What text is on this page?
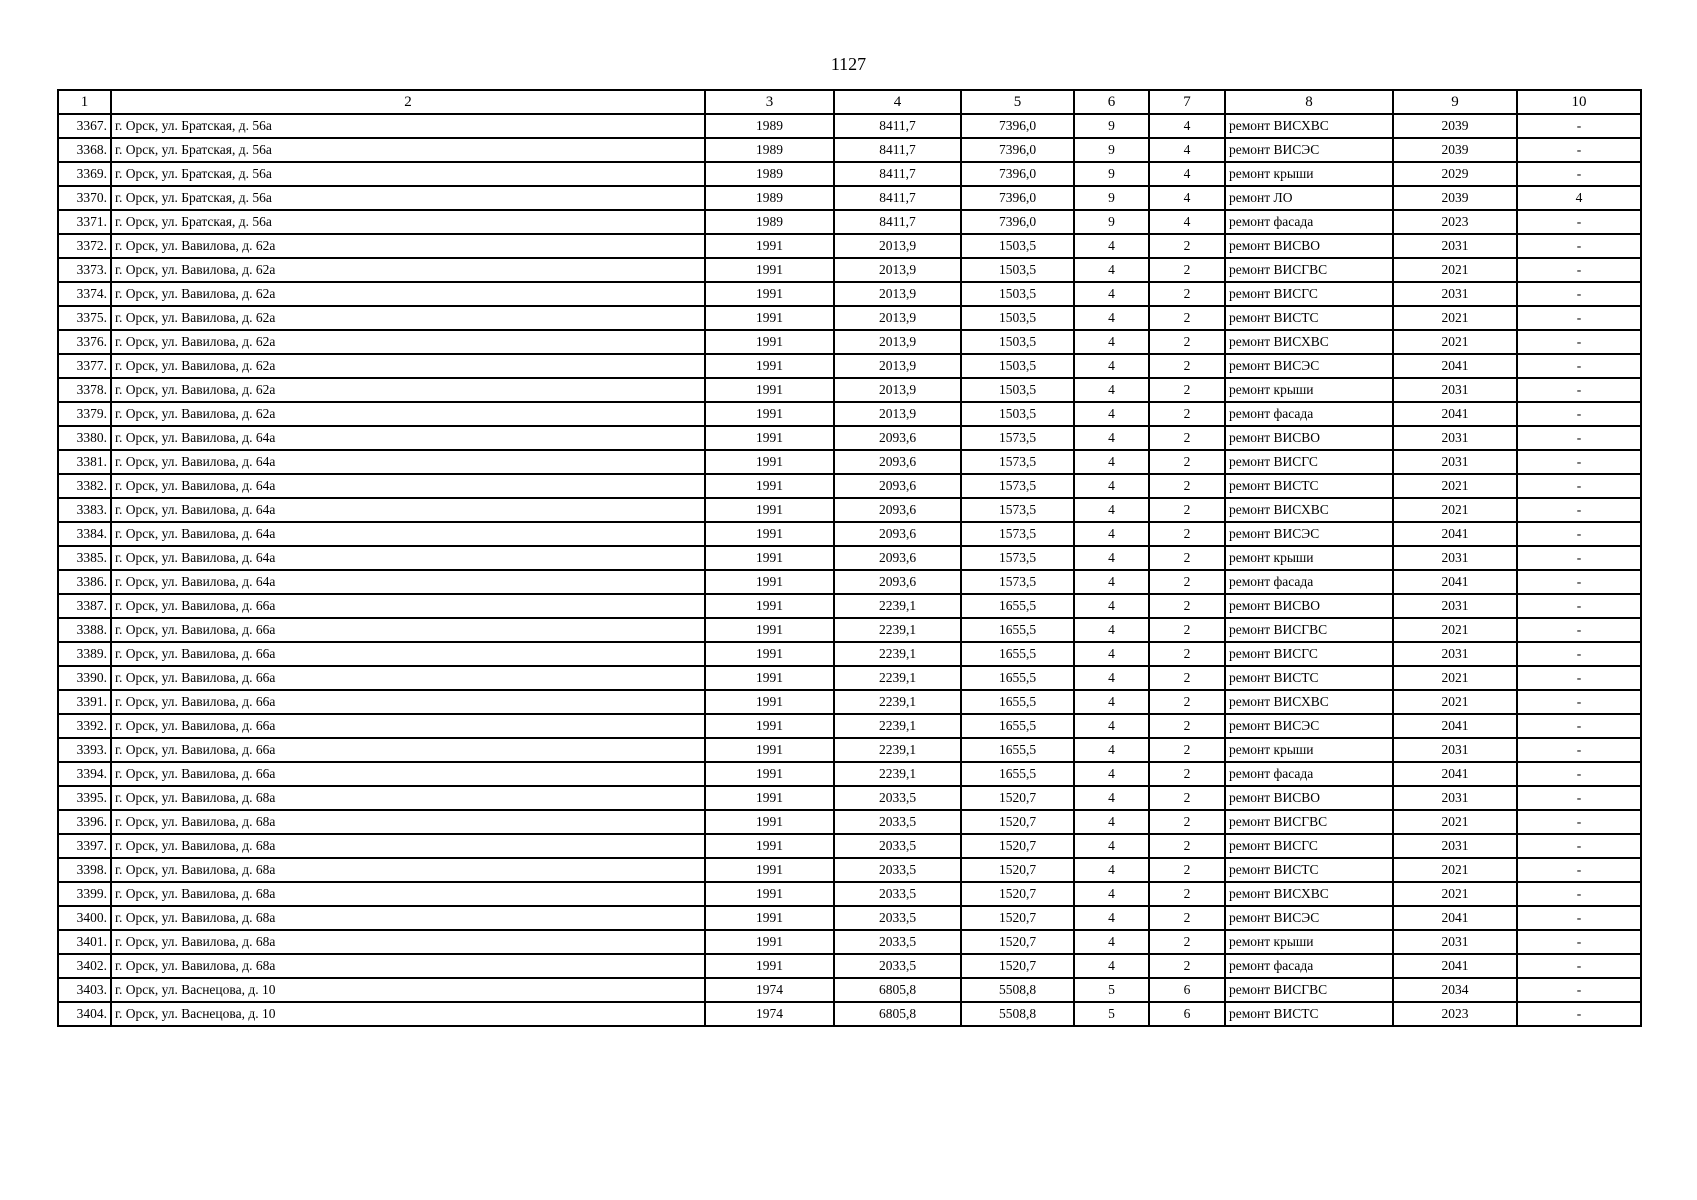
1127
1	2	3	4	5	6	7	8	9	10
3367.	г. Орск, ул. Братская, д. 56а	1989	8411,7	7396,0	9	4	ремонт ВИСХВС	2039	-
3368.	г. Орск, ул. Братская, д. 56а	1989	8411,7	7396,0	9	4	ремонт ВИСЭС	2039	-
3369.	г. Орск, ул. Братская, д. 56а	1989	8411,7	7396,0	9	4	ремонт крыши	2029	-
3370.	г. Орск, ул. Братская, д. 56а	1989	8411,7	7396,0	9	4	ремонт ЛО	2039	4
3371.	г. Орск, ул. Братская, д. 56а	1989	8411,7	7396,0	9	4	ремонт фасада	2023	-
3372.	г. Орск, ул. Вавилова, д. 62а	1991	2013,9	1503,5	4	2	ремонт ВИСВО	2031	-
3373.	г. Орск, ул. Вавилова, д. 62а	1991	2013,9	1503,5	4	2	ремонт ВИСГВС	2021	-
3374.	г. Орск, ул. Вавилова, д. 62а	1991	2013,9	1503,5	4	2	ремонт ВИСГС	2031	-
3375.	г. Орск, ул. Вавилова, д. 62а	1991	2013,9	1503,5	4	2	ремонт ВИСТС	2021	-
3376.	г. Орск, ул. Вавилова, д. 62а	1991	2013,9	1503,5	4	2	ремонт ВИСХВС	2021	-
3377.	г. Орск, ул. Вавилова, д. 62а	1991	2013,9	1503,5	4	2	ремонт ВИСЭС	2041	-
3378.	г. Орск, ул. Вавилова, д. 62а	1991	2013,9	1503,5	4	2	ремонт крыши	2031	-
3379.	г. Орск, ул. Вавилова, д. 62а	1991	2013,9	1503,5	4	2	ремонт фасада	2041	-
3380.	г. Орск, ул. Вавилова, д. 64а	1991	2093,6	1573,5	4	2	ремонт ВИСВО	2031	-
3381.	г. Орск, ул. Вавилова, д. 64а	1991	2093,6	1573,5	4	2	ремонт ВИСГС	2031	-
3382.	г. Орск, ул. Вавилова, д. 64а	1991	2093,6	1573,5	4	2	ремонт ВИСТС	2021	-
3383.	г. Орск, ул. Вавилова, д. 64а	1991	2093,6	1573,5	4	2	ремонт ВИСХВС	2021	-
3384.	г. Орск, ул. Вавилова, д. 64а	1991	2093,6	1573,5	4	2	ремонт ВИСЭС	2041	-
3385.	г. Орск, ул. Вавилова, д. 64а	1991	2093,6	1573,5	4	2	ремонт крыши	2031	-
3386.	г. Орск, ул. Вавилова, д. 64а	1991	2093,6	1573,5	4	2	ремонт фасада	2041	-
3387.	г. Орск, ул. Вавилова, д. 66а	1991	2239,1	1655,5	4	2	ремонт ВИСВО	2031	-
3388.	г. Орск, ул. Вавилова, д. 66а	1991	2239,1	1655,5	4	2	ремонт ВИСГВС	2021	-
3389.	г. Орск, ул. Вавилова, д. 66а	1991	2239,1	1655,5	4	2	ремонт ВИСГС	2031	-
3390.	г. Орск, ул. Вавилова, д. 66а	1991	2239,1	1655,5	4	2	ремонт ВИСТС	2021	-
3391.	г. Орск, ул. Вавилова, д. 66а	1991	2239,1	1655,5	4	2	ремонт ВИСХВС	2021	-
3392.	г. Орск, ул. Вавилова, д. 66а	1991	2239,1	1655,5	4	2	ремонт ВИСЭС	2041	-
3393.	г. Орск, ул. Вавилова, д. 66а	1991	2239,1	1655,5	4	2	ремонт крыши	2031	-
3394.	г. Орск, ул. Вавилова, д. 66а	1991	2239,1	1655,5	4	2	ремонт фасада	2041	-
3395.	г. Орск, ул. Вавилова, д. 68а	1991	2033,5	1520,7	4	2	ремонт ВИСВО	2031	-
3396.	г. Орск, ул. Вавилова, д. 68а	1991	2033,5	1520,7	4	2	ремонт ВИСГВС	2021	-
3397.	г. Орск, ул. Вавилова, д. 68а	1991	2033,5	1520,7	4	2	ремонт ВИСГС	2031	-
3398.	г. Орск, ул. Вавилова, д. 68а	1991	2033,5	1520,7	4	2	ремонт ВИСТС	2021	-
3399.	г. Орск, ул. Вавилова, д. 68а	1991	2033,5	1520,7	4	2	ремонт ВИСХВС	2021	-
3400.	г. Орск, ул. Вавилова, д. 68а	1991	2033,5	1520,7	4	2	ремонт ВИСЭС	2041	-
3401.	г. Орск, ул. Вавилова, д. 68а	1991	2033,5	1520,7	4	2	ремонт крыши	2031	-
3402.	г. Орск, ул. Вавилова, д. 68а	1991	2033,5	1520,7	4	2	ремонт фасада	2041	-
3403.	г. Орск, ул. Васнецова, д. 10	1974	6805,8	5508,8	5	6	ремонт ВИСГВС	2034	-
3404.	г. Орск, ул. Васнецова, д. 10	1974	6805,8	5508,8	5	6	ремонт ВИСТС	2023	-
